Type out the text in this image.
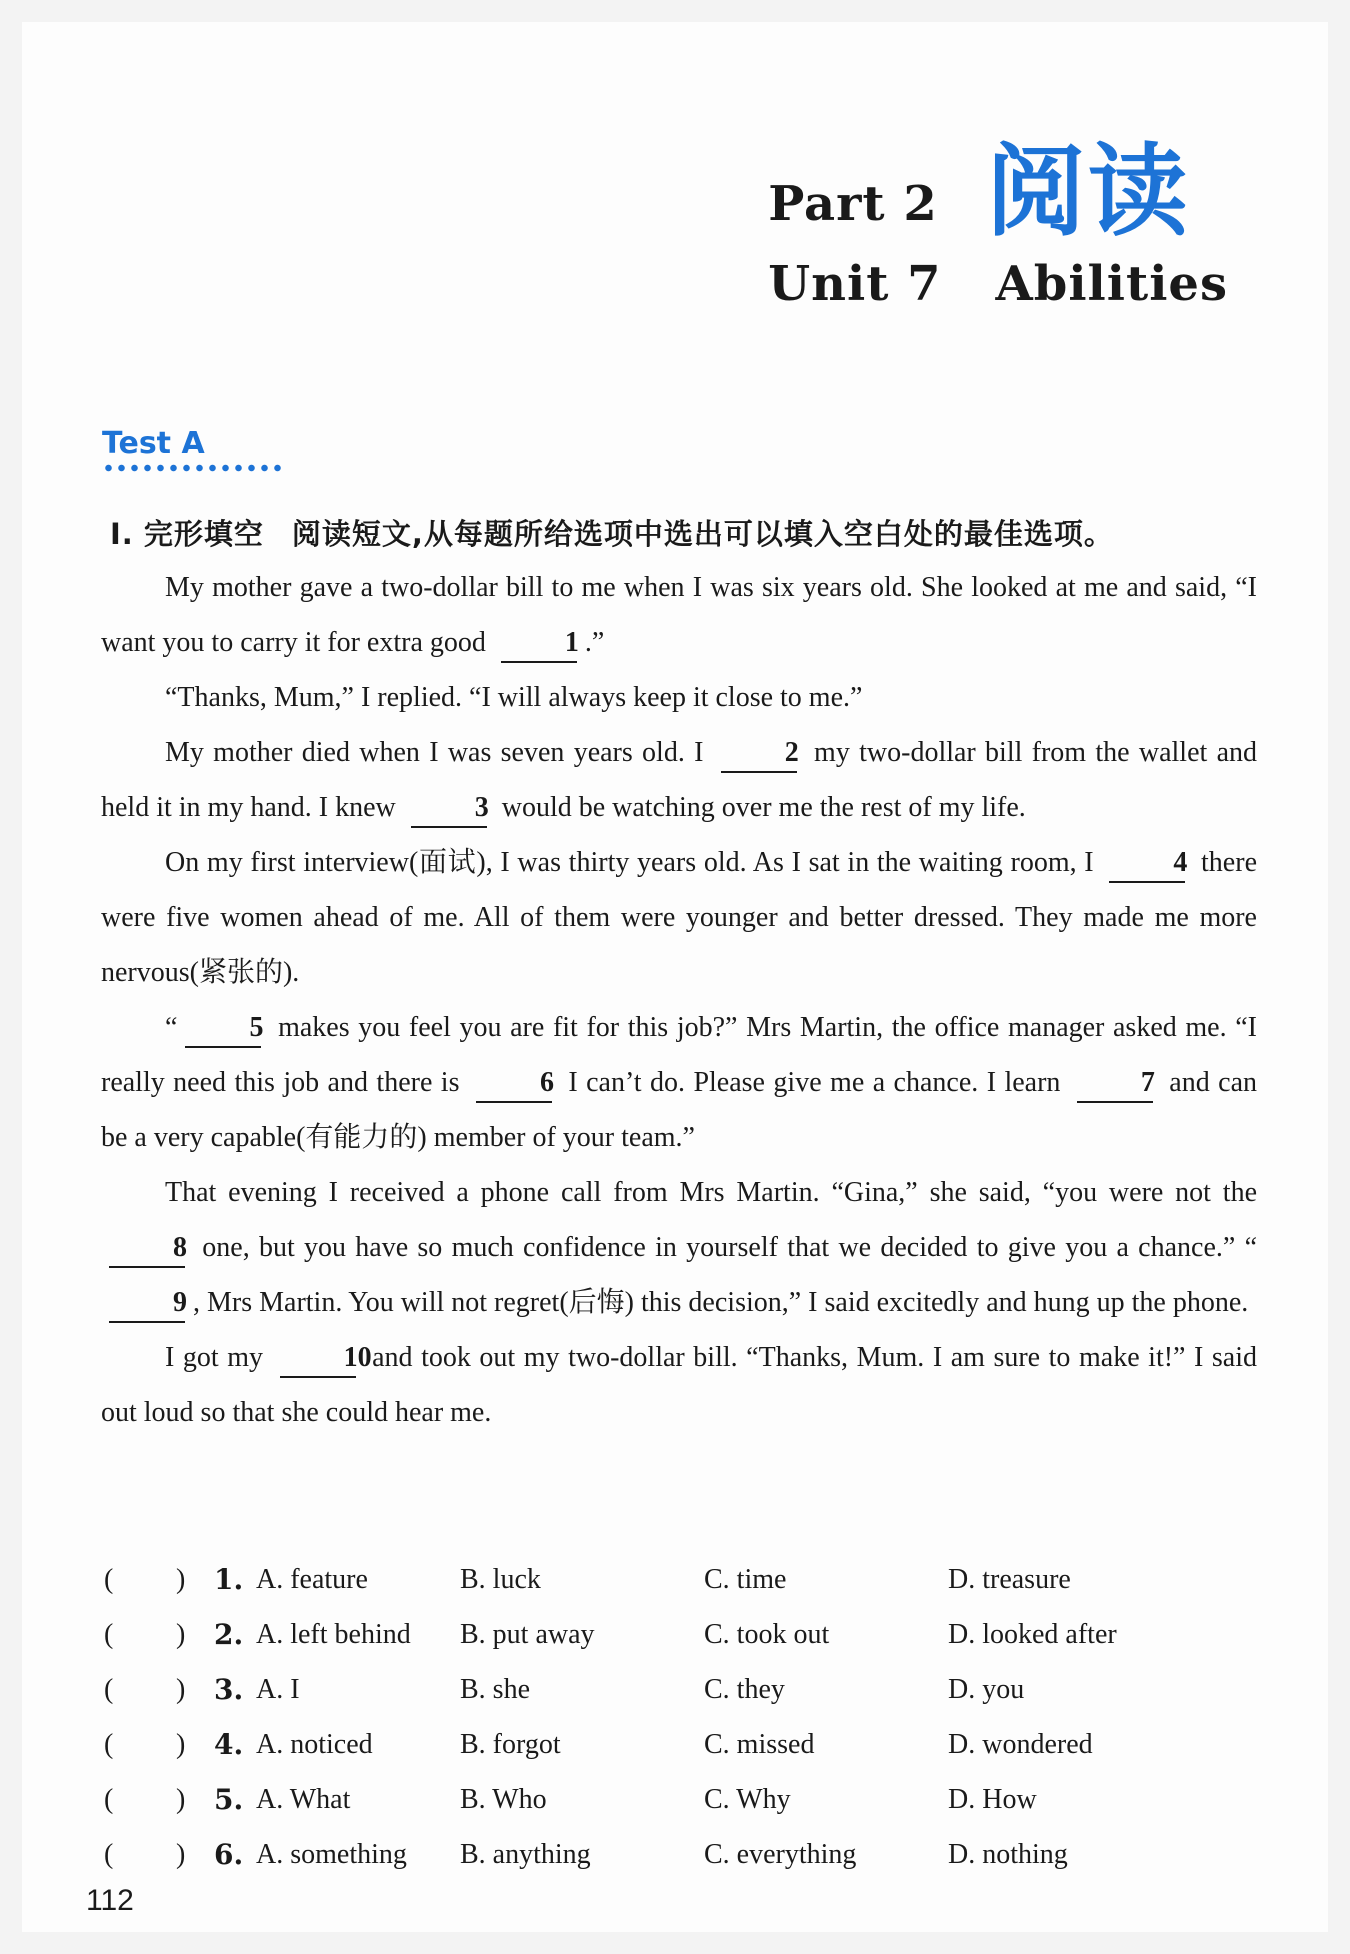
Part 2 阅读
Unit 7 Abilities
Test A
I. 完形填空 阅读短文,从每题所给选项中选出可以填入空白处的最佳选项。

My mother gave a two-dollar bill to me when I was six years old. She looked at me and said, “I want you to carry it for extra good	1 .”

“Thanks, Mum,” I replied. “I will always keep it close to me.”

My mother died when I was seven years old. I	2 my two-dollar bill from the wallet and held it in my hand. I knew	3 would be watching over me the rest of my life.

On my first interview(面试), I was thirty years old. As I sat in the waiting room, I	4 there were five women ahead of me. All of them were younger and better dressed. They made me more nervous(紧张的).

“	5 makes you feel you are fit for this job?” Mrs Martin, the office manager asked me. “I really need this job and there is	6 I can’t do. Please give me a chance. I learn	7 and can be a very capable(有能力的) member of your team.”

That evening I received a phone call from Mrs Martin. “Gina,” she said, “you were not the 8 one, but you have so much confidence in yourself that we decided to give you a chance.” “9 , Mrs Martin. You will not regret(后悔) this decision,” I said excitedly and hung up the phone.

I got my	10 and took out my two-dollar bill. “Thanks, Mum. I am sure to make it!” I said out loud so that she could hear me.

( )	1. A. feature	B. luck	C. time	D. treasure
( )	2. A. left behind	B. put away	C. took out	D. looked after
( )	3. A. I	B. she	C. they	D. you
( )	4. A. noticed	B. forgot	C. missed	D. wondered
( )	5. A. What	B. Who	C. Why	D. How
( )	6. A. something	B. anything	C. everything	D. nothing
112
